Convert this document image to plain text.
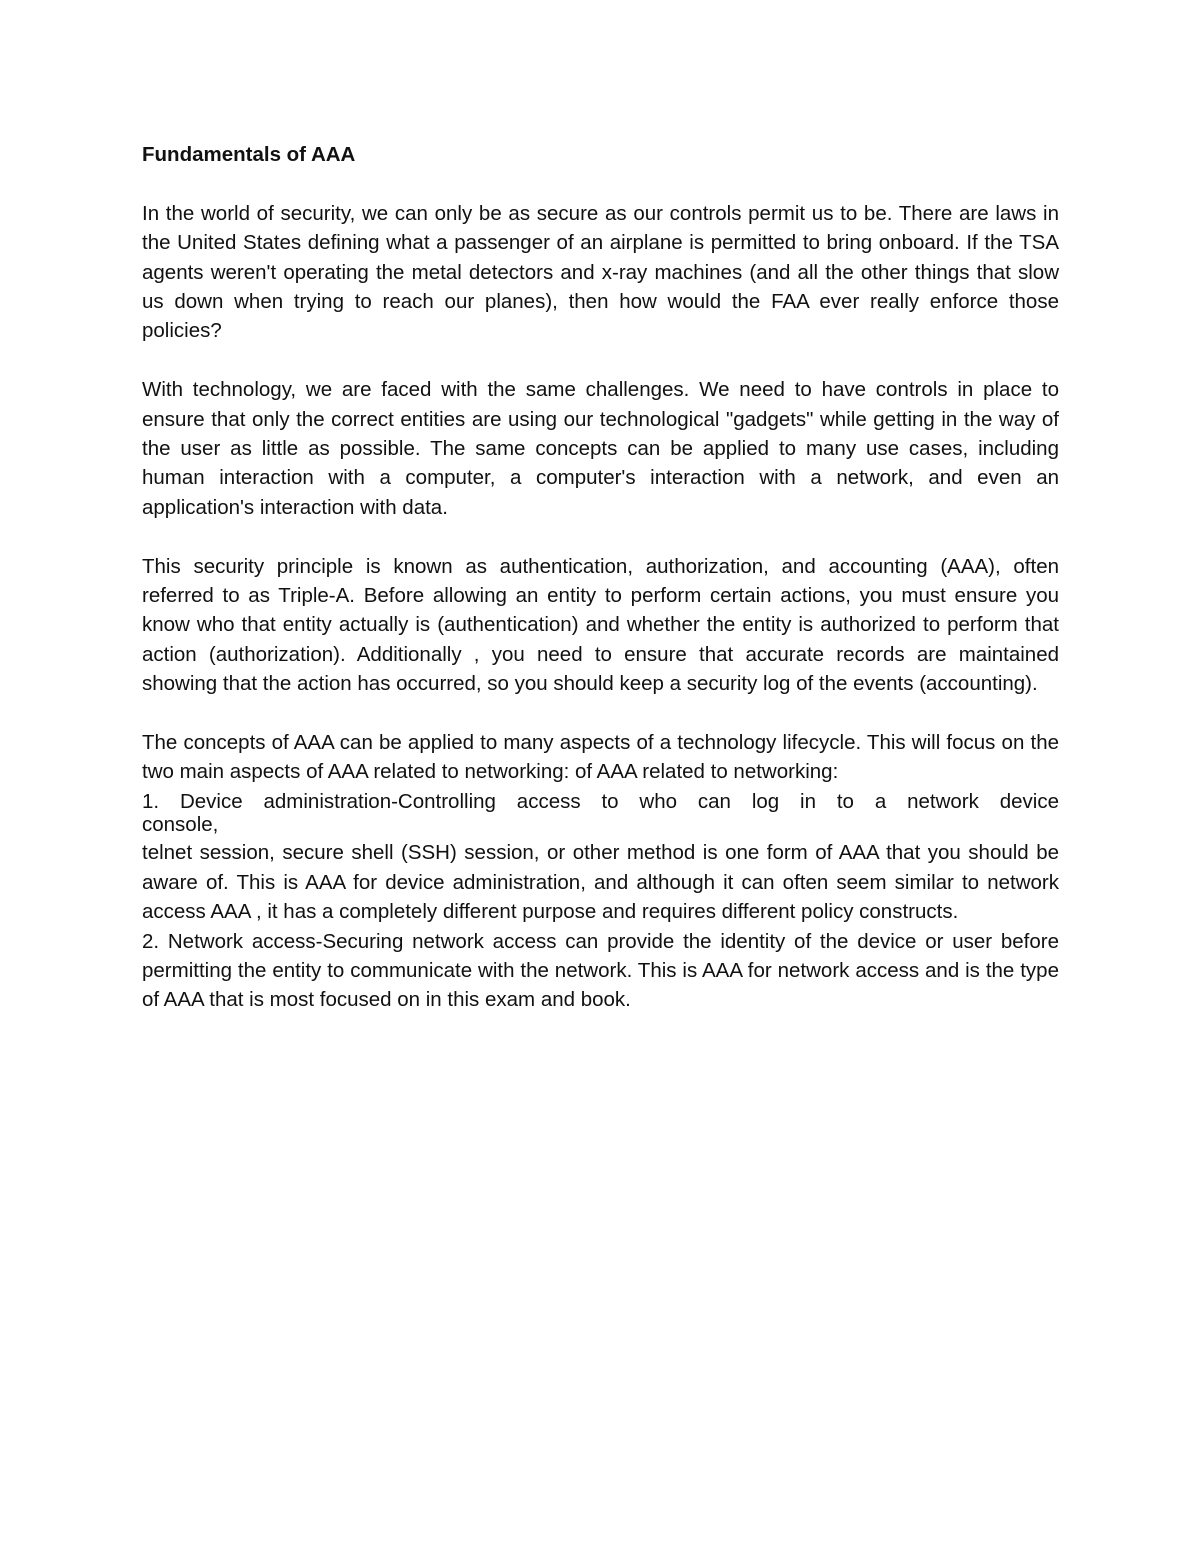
Fundamentals of AAA

In the world of security, we can only be as secure as our controls permit us to be. There are laws in the United States defining what a passenger of an airplane is permitted to bring onboard. If the TSA agents weren't operating the metal detectors and x-ray machines (and all the other things that slow us down when trying to reach our planes), then how would the FAA ever really enforce those policies?

With technology, we are faced with the same challenges. We need to have controls in place to ensure that only the correct entities are using our technological "gadgets" while getting in the way of the user as little as possible. The same concepts can be applied to many use cases, including human interaction with a computer, a computer's interaction with a network, and even an application's interaction with data.

This security principle is known as authentication, authorization, and accounting (AAA), often referred to as Triple-A. Before allowing an entity to perform certain actions, you must ensure you know who that entity actually is (authentication) and whether the entity is authorized to perform that action (authorization). Additionally , you need to ensure that accurate records are maintained showing that the action has occurred, so you should keep a security log of the events (accounting).

The concepts of AAA can be applied to many aspects of a technology lifecycle. This will focus on the two main aspects of AAA related to networking: of AAA related to networking:

1. Device administration-Controlling access to who can log in to a network device
console,

telnet session, secure shell (SSH) session, or other method is one form of AAA that you should be aware of. This is AAA for device administration, and although it can often seem similar to network access AAA , it has a completely different purpose and requires different policy constructs.

2. Network access-Securing network access can provide the identity of the device or user before permitting the entity to communicate with the network. This is AAA for network access and is the type of AAA that is most focused on in this exam and book.
